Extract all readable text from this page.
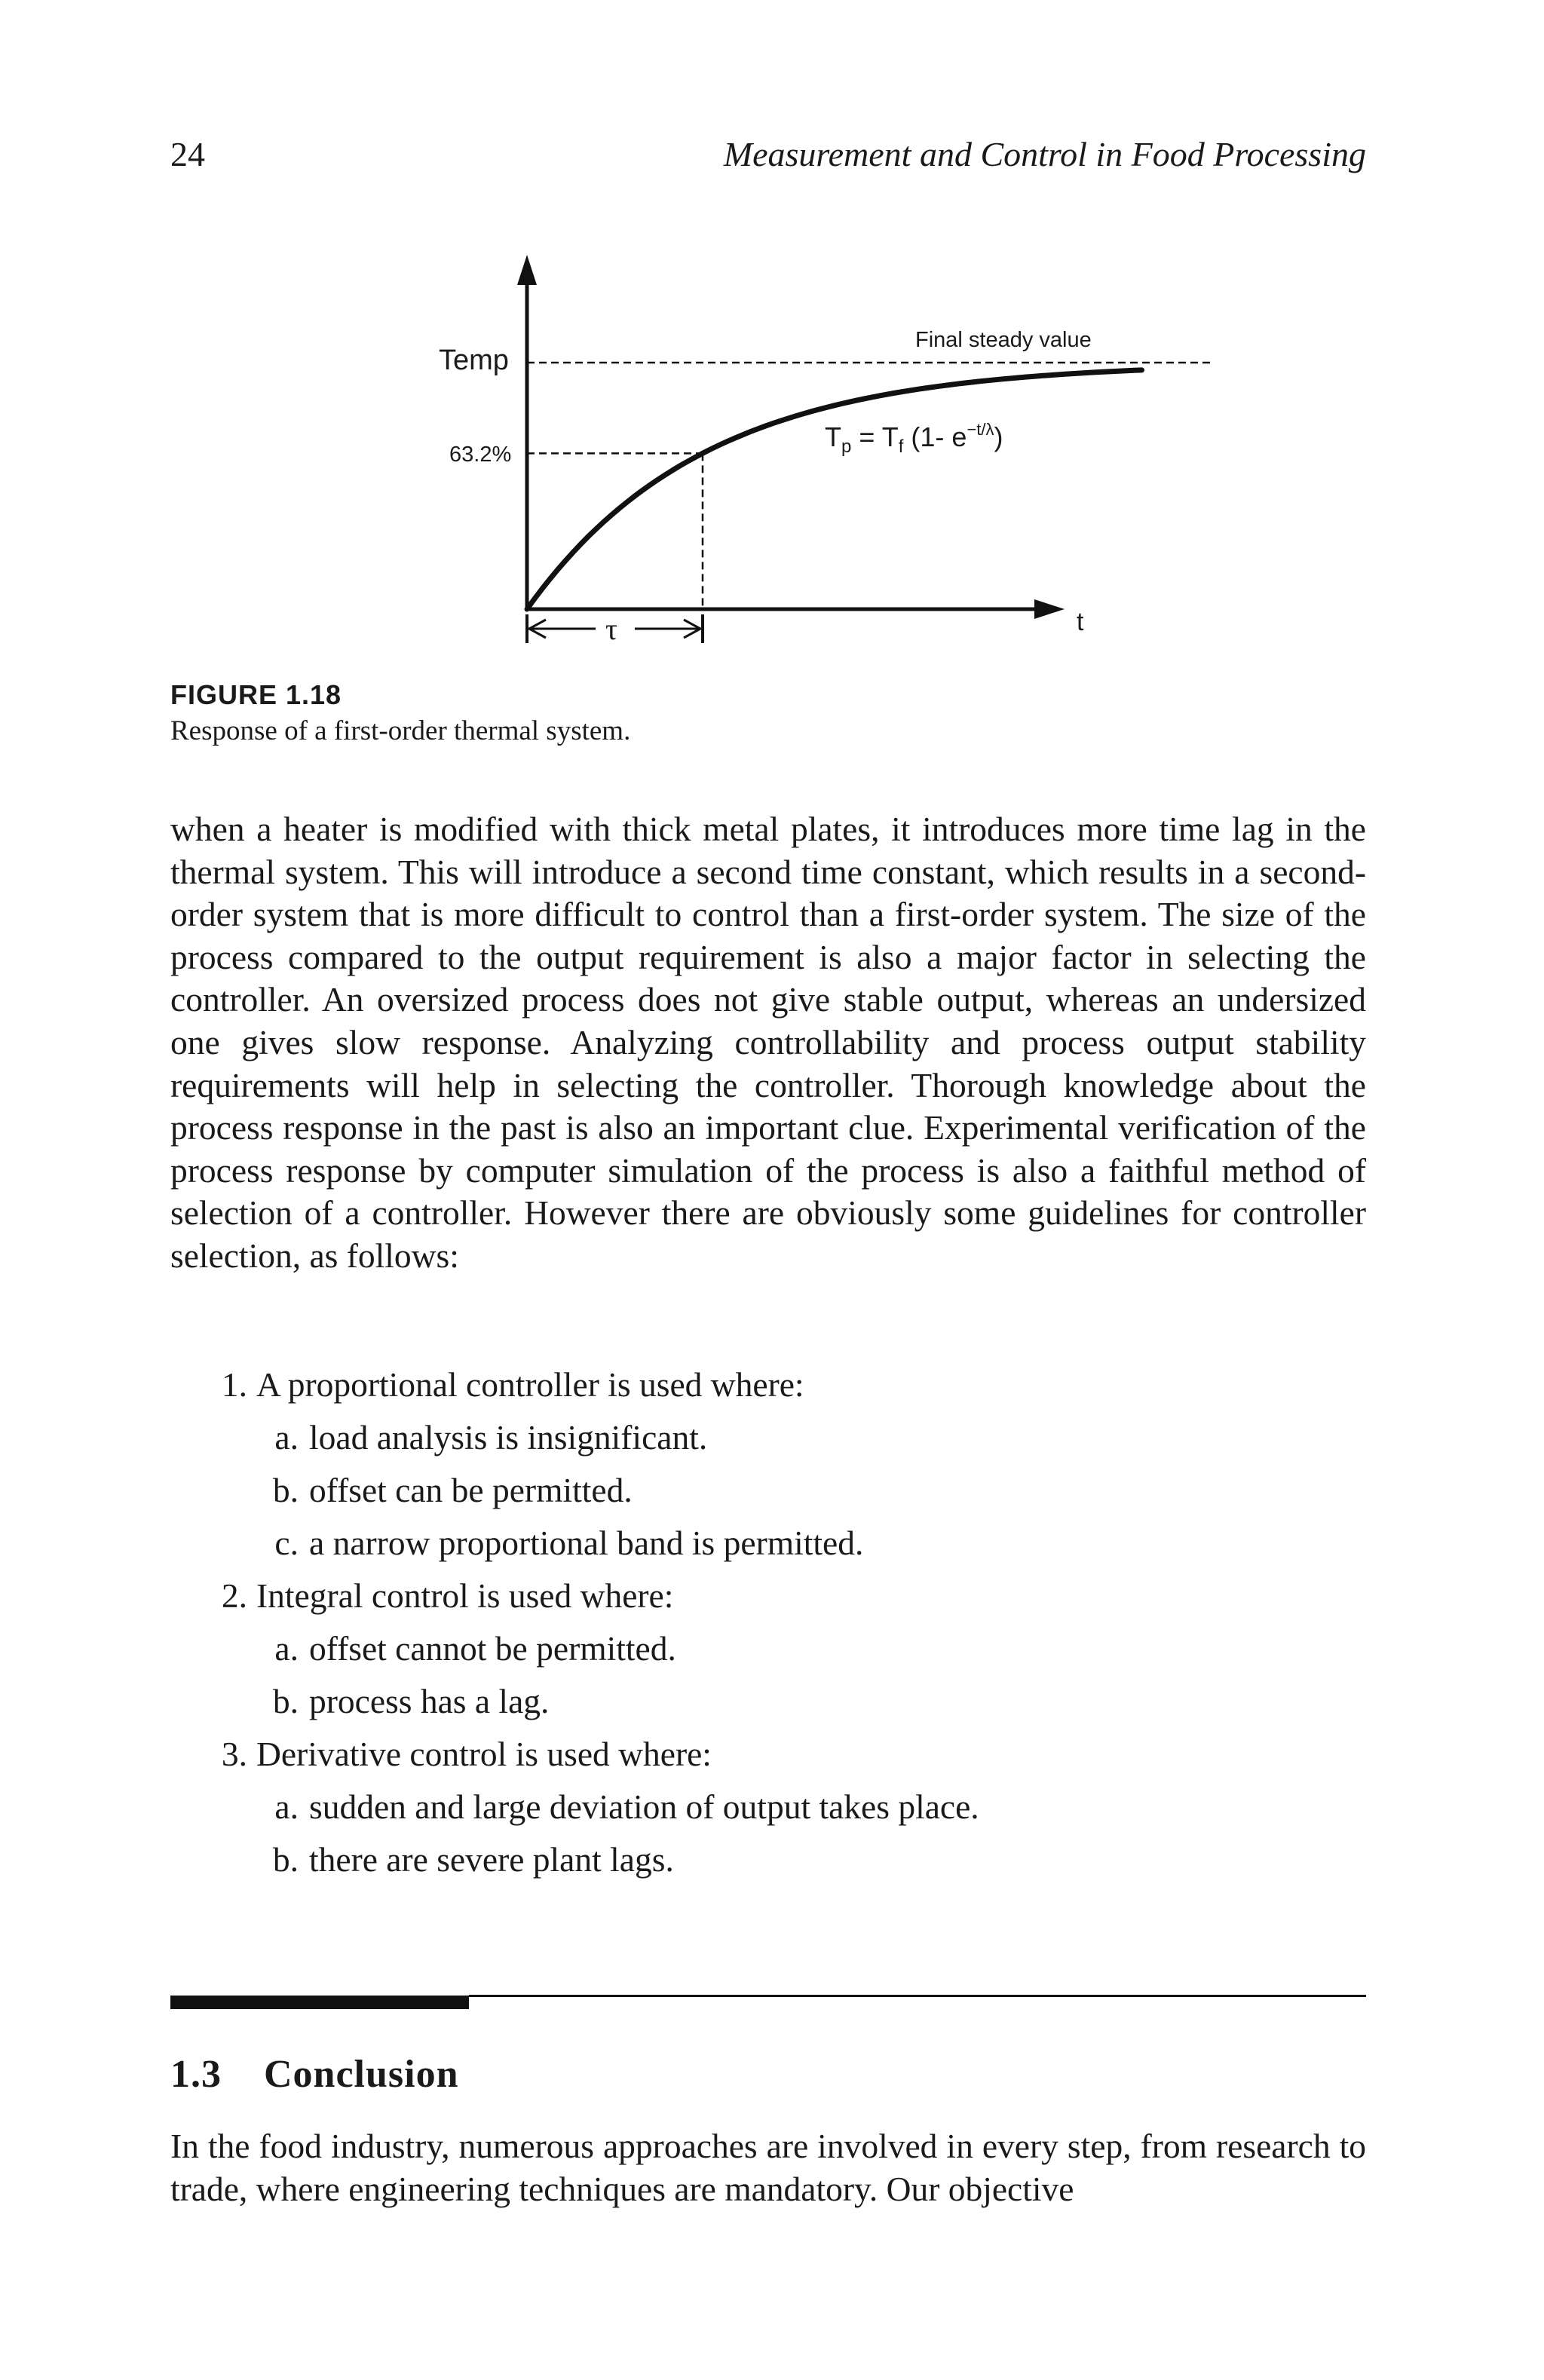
24	Measurement and Control in Food Processing
Temp
63.2%
Final steady value
t
$T_p = T_f$ (1- $e^{-t/\lambda}$)
τ
FIGURE 1.18
Response of a first-order thermal system.

when a heater is modified with thick metal plates, it introduces more time lag in the thermal system. This will introduce a second time constant, which results in a second-order system that is more difficult to control than a first-order system. The size of the process compared to the output requirement is also a major factor in selecting the controller. An oversized process does not give stable output, whereas an undersized one gives slow response. Analyzing controllability and process output stability requirements will help in selecting the controller. Thorough knowledge about the process response in the past is also an important clue. Experimental verification of the process response by computer simulation of the process is also a faithful method of selection of a controller. However there are obviously some guidelines for controller selection, as follows:

1. A proportional controller is used where:
a. load analysis is insignificant.
b. offset can be permitted.
c. a narrow proportional band is permitted.
2. Integral control is used where:
a. offset cannot be permitted.
b. process has a lag.
3. Derivative control is used where:
a. sudden and large deviation of output takes place.
b. there are severe plant lags.
1.3 Conclusion

In the food industry, numerous approaches are involved in every step, from research to trade, where engineering techniques are mandatory. Our objective
